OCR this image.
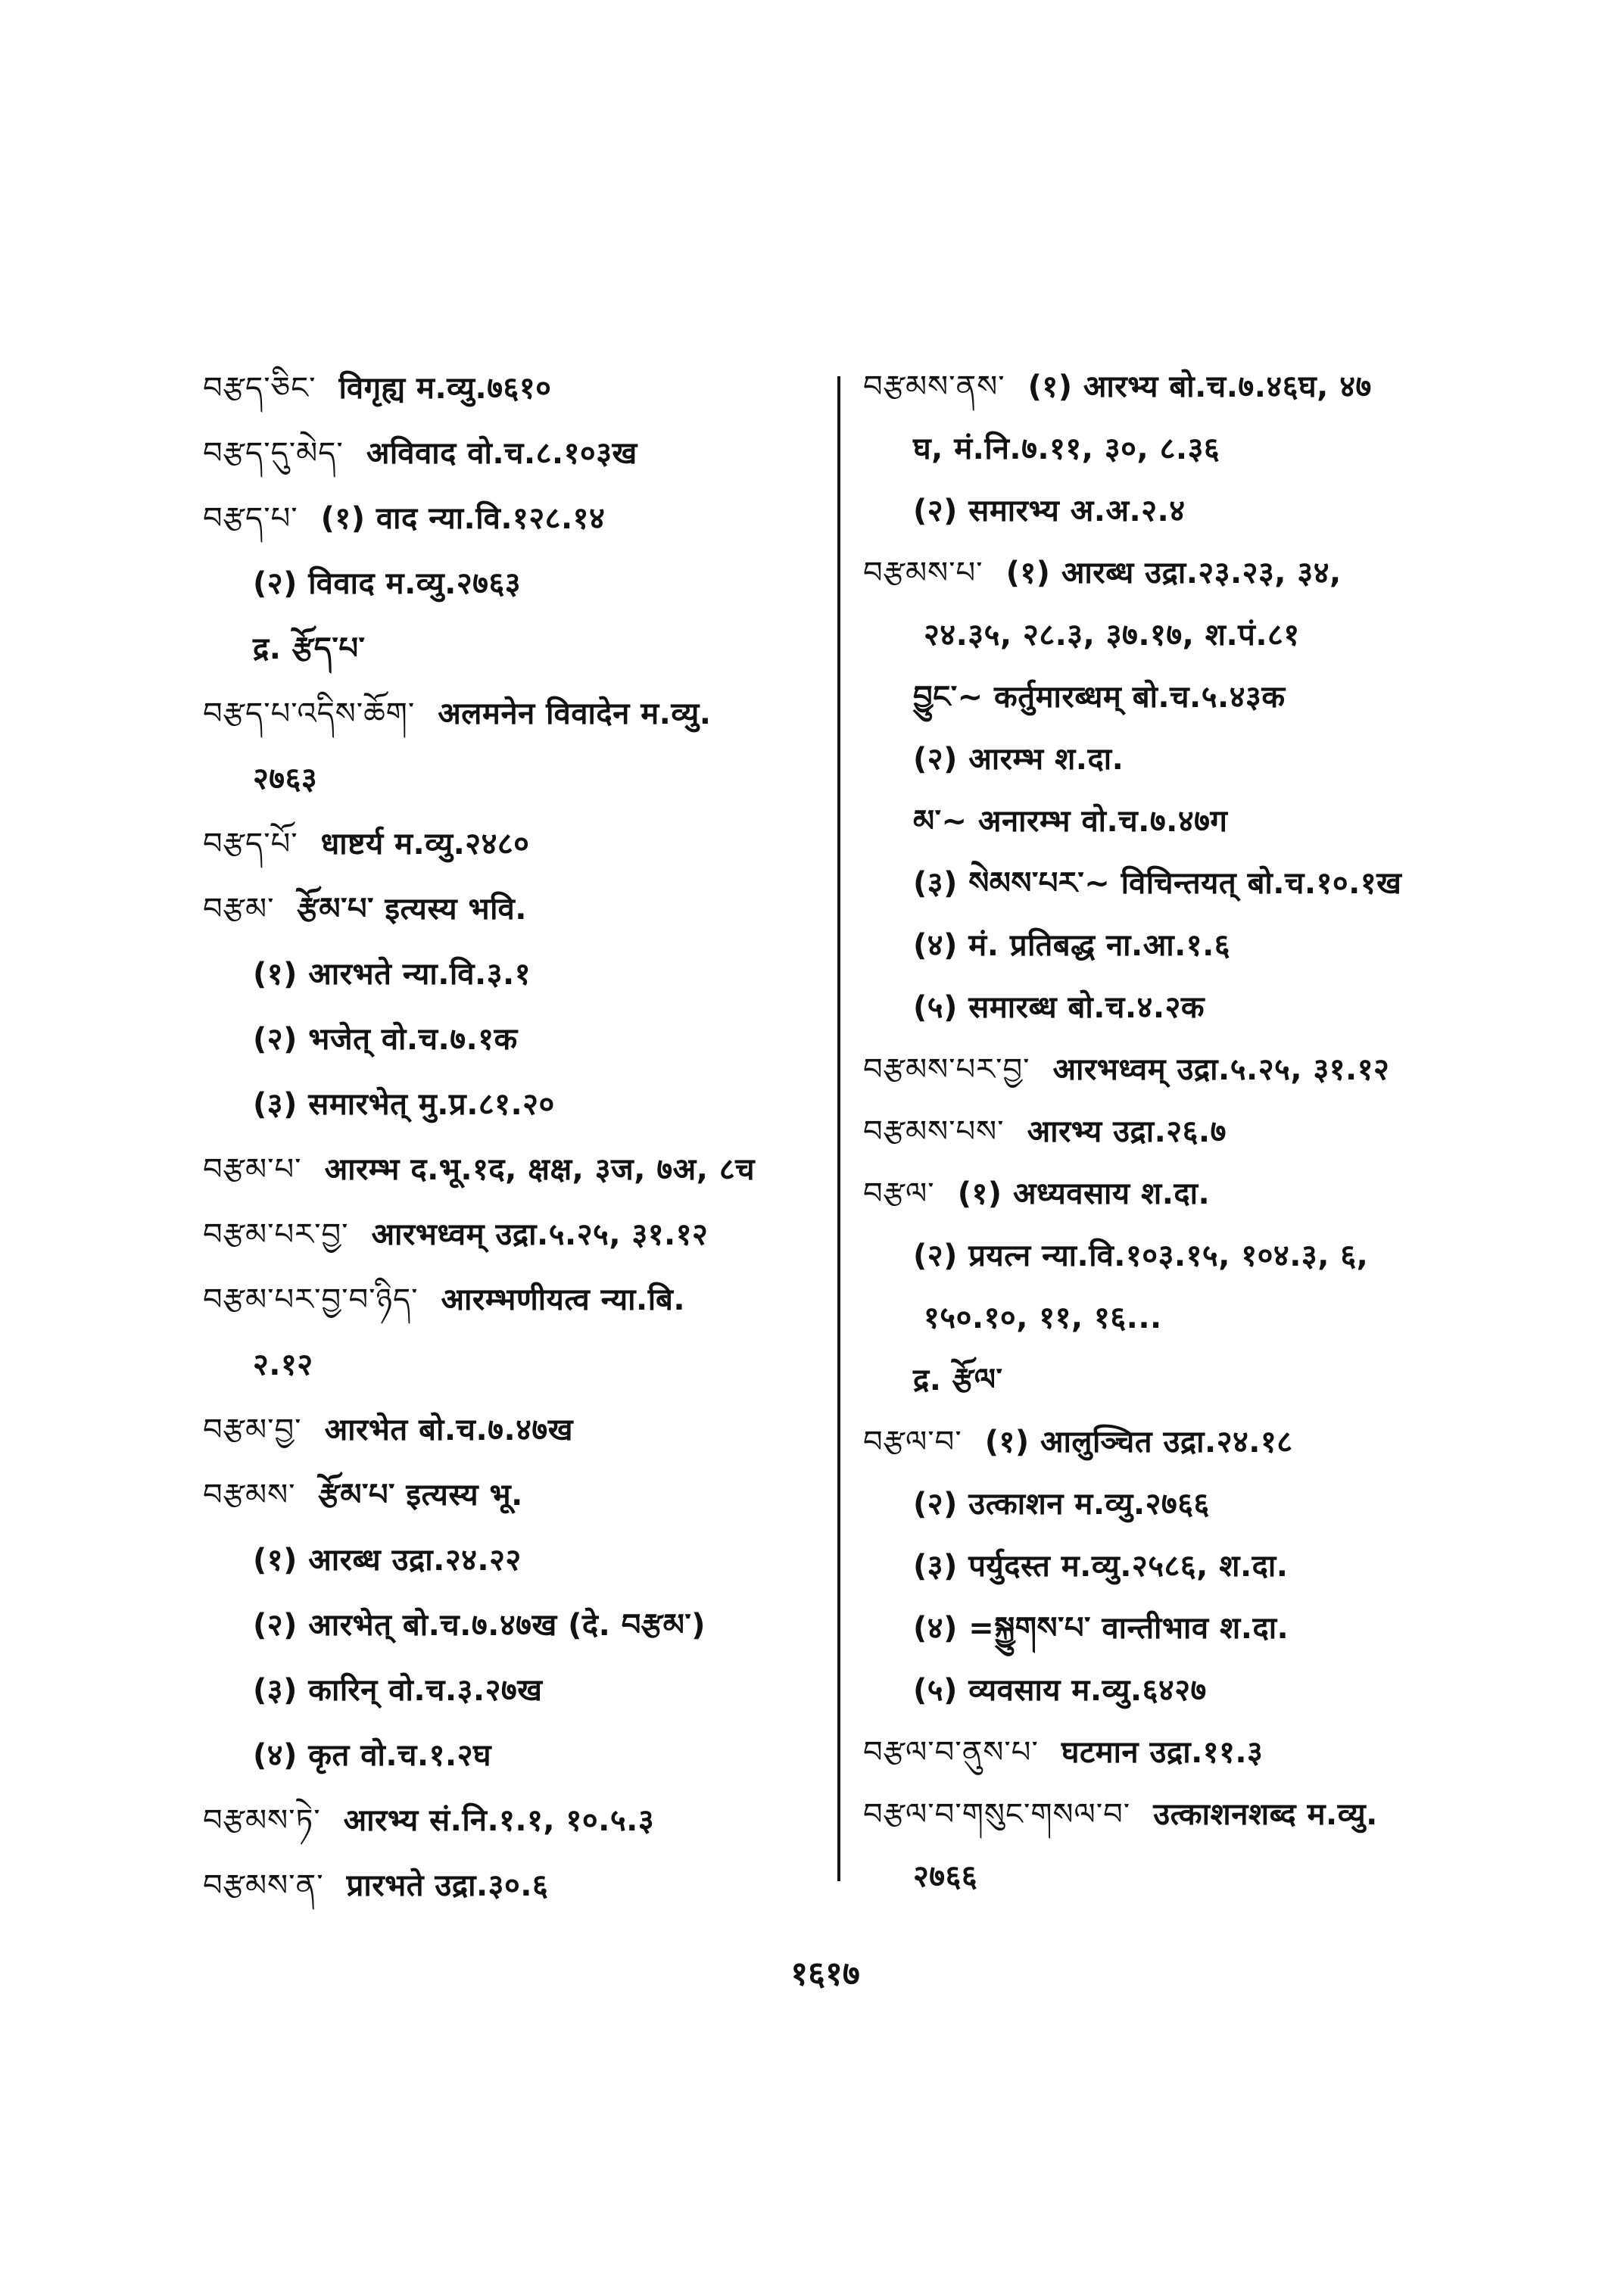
བརྩད་ཅིང་ विगृह्य म.व्यु.७६१०
བརྩད་དུ་མེད་ अविवाद वो.च.८.१०३ख
བརྩད་པ་ (१) वाद न्या.वि.१२८.१४
(२) विवाद म.व्यु.२७६३
द्र. རྩོད་པ་
བརྩད་པ་འདིས་ཆོག་ अलमनेन विवादेन म.व्यु.
२७६३
བརྩད་པོ་ धाष्टर्य म.व्यु.२४८०
བརྩམ་ རྩོམ་པ་ इत्यस्य भवि.
(१) आरभते न्या.वि.३.१
(२) भजेत् वो.च.७.१क
(३) समारभेत् मु.प्र.८१.२०
བརྩམ་པ་ आरम्भ द.भू.१द, क्षक्ष, ३ज, ७अ, ८च
བརྩམ་པར་བྱ་ आरभध्वम् उद्रा.५.२५, ३१.१२
བརྩམ་པར་བྱ་བ་ཉིད་ आरम्भणीयत्व न्या.बि.
२.१२
བརྩམ་བྱ་ आरभेत बो.च.७.४७ख
བརྩམས་ རྩོམ་པ་ इत्यस्य भू.
(१) आरब्ध उद्रा.२४.२२
(२) आरभेत् बो.च.७.४७ख (दे. བརྩམ་)
(३) कारिन् वो.च.३.२७ख
(४) कृत वो.च.१.२घ
བརྩམས་ཏེ་ आरभ्य सं.नि.१.१, १०.५.३
བརྩམས་ན་ प्रारभते उद्रा.३०.६
བརྩམས་ནས་ (१) आरभ्य बो.च.७.४६घ, ४७
घ, मं.नि.७.११, ३०, ८.३६
(२) समारभ्य अ.अ.२.४
བརྩམས་པ་ (१) आरब्ध उद्रा.२३.२३, ३४,
२४.३५, २८.३, ३७.१७, श.पं.८१
བྱུང་~ कर्तुमारब्धम् बो.च.५.४३क
(२) आरम्भ श.दा.
མ་~ अनारम्भ वो.च.७.४७ग
(३) སེམས་པར་~ विचिन्तयत् बो.च.१०.१ख
(४) मं. प्रतिबद्ध ना.आ.१.६
(५) समारब्ध बो.च.४.२क
བརྩམས་པར་བྱ་ आरभध्वम् उद्रा.५.२५, ३१.१२
བརྩམས་པས་ आरभ्य उद्रा.२६.७
བརྩལ་ (१) अध्यवसाय श.दा.
(२) प्रयत्न न्या.वि.१०३.१५, १०४.३, ६,
१५०.१०, ११, १६...
द्र. རྩོལ་
བརྩལ་བ་ (१) आलुञ्चित उद्रा.२४.१८
(२) उत्काशन म.व्यु.२७६६
(३) पर्युदस्त म.व्यु.२५८६, श.दा.
(४) =སྐྱུགས་པ་ वान्तीभाव श.दा.
(५) व्यवसाय म.व्यु.६४२७
བརྩལ་བ་ནུས་པ་ घटमान उद्रा.११.३
བརྩལ་བ་གསུང་གསལ་བ་ उत्काशनशब्द म.व्यु.
२७६६
१६१७
